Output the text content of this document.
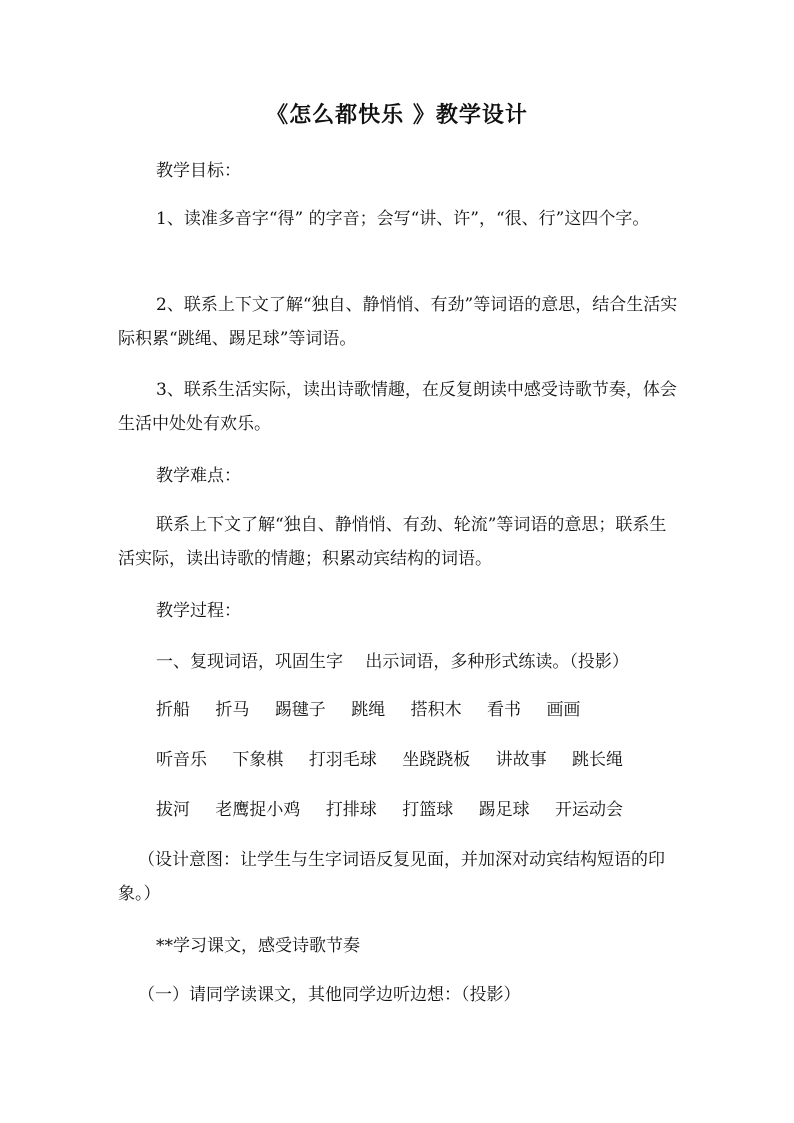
《怎么都快乐 》教学设计
教学目标：
1、读准多音字“得” 的字音；会写“讲、许”，“很、行”这四个字。
2、联系上下文了解“独自、静悄悄、有劲”等词语的意思，结合生活实际积累“跳绳、踢足球”等词语。
3、联系生活实际，读出诗歌情趣，在反复朗读中感受诗歌节奏，体会生活中处处有欢乐。
教学难点：
联系上下文了解“独自、静悄悄、有劲、轮流”等词语的意思；联系生活实际，读出诗歌的情趣；积累动宾结构的词语。
教学过程：
一、复现词语，巩固生字　 出示词语，多种形式练读。（投影）
折船 折马 踢毽子 跳绳 搭积木 看书 画画
听音乐 下象棋 打羽毛球 坐跷跷板 讲故事 跳长绳
拔河 老鹰捉小鸡 打排球 打篮球 踢足球 开运动会
（设计意图：让学生与生字词语反复见面，并加深对动宾结构短语的印象。）
**学习课文，感受诗歌节奏
（一）请同学读课文，其他同学边听边想：（投影）
